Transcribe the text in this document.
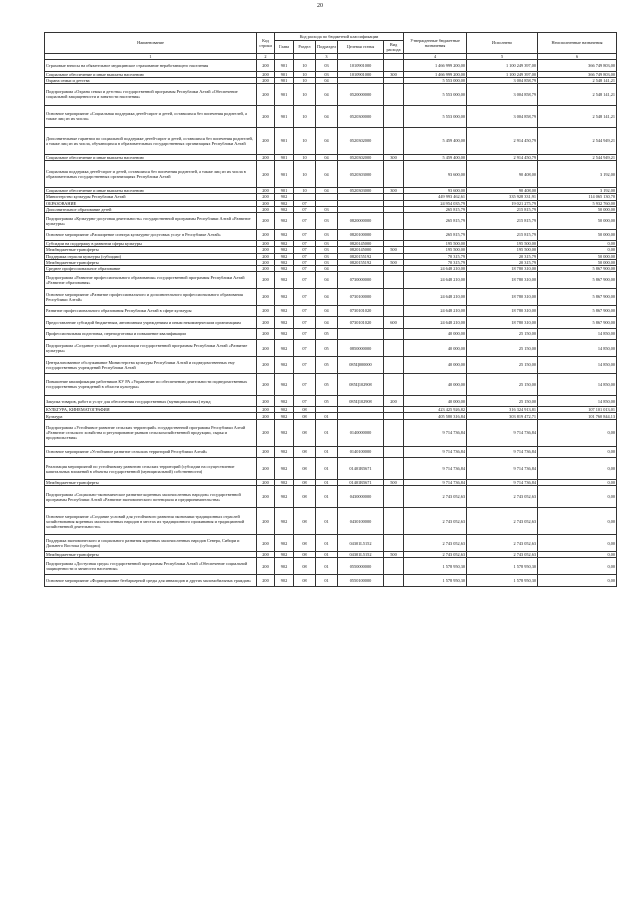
20
Наименование	Код строки	Код расхода по бюджетной классификации					Утвержденные бюджетные назначения	Исполнено	Неисполненные назначения
		Глава	Раздел	Подраздел	Целевая статья	Вид расхода			
1	2			3			4	5	6
Страховые взносы на обязательное медицинское страхование неработающего населения	200	901	10	03	1010901000		1 466 999 200,00	1 100 249 397,00	366 749 803,00
Социальное обеспечение и иные выплаты населению	200	901	10	03	1010901000	300	1 466 999 200,00	1 100 249 397,00	366 749 803,00
Охрана семьи и детства	200	901	10	04			5 553 000,00	3 004 858,79	2 548 141,21
Подпрограмма «Охрана семьи и детства» государственной программы Республики Алтай «Обеспечение социальной защищенности и занятости населения»	200	901	10	04	0520000000		5 553 000,00	3 004 858,79	2 548 141,21
Основное мероприятие «Социальная поддержка детей-сирот и детей, оставшихся без попечения родителей, а также лиц из их числа»	200	901	10	04	0520300000		5 553 000,00	3 004 858,79	2 548 141,21
Дополнительные гарантии по социальной поддержке детей-сирот и детей, оставшихся без попечения родителей, а также лиц из их числа, обучающихся в образовательных государственных организациях Республики Алтай	200	901	10	04	0520302000		5 459 400,00	2 914 450,79	2 544 949,21
Социальное обеспечение и иные выплаты населению	200	901	10	04	0520302000	300	5 459 400,00	2 914 450,79	2 544 949,21
Социальная поддержка детей-сирот и детей, оставшихся без попечения родителей, а также лиц из их числа в образовательных государственных организациях Республики Алтай	200	901	10	04	0520303000		93 600,00	90 408,00	3 192,00
Социальное обеспечение и иные выплаты населению	200	901	10	04	0520303000	300	93 600,00	90 408,00	3 192,00
Министерство культуры Республики Алтай	200	902					449 993 462,61	335 928 331,91	114 065 130,70
ОБРАЗОВАНИЕ	200	902	07				24 954 035,79	19 021 275,79	5 932 760,00
Дополнительное образование детей	200	902	07	03			265 815,79	215 815,79	50 000,00
Подпрограмма «Культурно-досуговая деятельность» государственной программы Республики Алтай «Развитие культуры»	200	902	07	03	0820000000		265 815,79	215 815,79	50 000,00
Основное мероприятие «Расширение спектра культурно-досуговых услуг в Республике Алтай»	200	902	07	03	0820100000		265 815,79	215 815,79	50 000,00
Субсидии на поддержку в развитии сферы культуры	200	902	07	03	0820145000		195 500,00	195 500,00	0,00
Межбюджетные трансферты	200	902	07	03	0820145000	500	195 500,00	195 500,00	0,00
Поддержка отрасли культуры (субсидии)	200	902	07	03	0820155192		70 315,79	20 315,79	50 000,00
Межбюджетные трансферты	200	902	07	03	0820155192	500	70 315,79	20 315,79	50 000,00
Среднее профессиональное образование	200	902	07	04			24 648 210,00	18 780 310,00	5 867 900,00
Подпрограмма «Развитие профессионального образования» государственной программы Республики Алтай «Развитие образования»	200	902	07	04	0730000000		24 648 210,00	18 780 310,00	5 867 900,00
Основное мероприятие «Развитие профессионального и дополнительного профессионального образования Республики Алтай»	200	902	07	04	0730100000		24 648 210,00	18 780 310,00	5 867 900,00
Развитие профессионального образования Республики Алтай в сфере культуры	200	902	07	04	0730101020		24 648 210,00	18 780 310,00	5 867 900,00
Предоставление субсидий бюджетным, автономным учреждениям и иным некоммерческим организациям	200	902	07	04	0730101020	600	24 648 210,00	18 780 310,00	5 867 900,00
Профессиональная подготовка, переподготовка и повышение квалификации	200	902	07	05			40 000,00	25 150,00	14 850,00
Подпрограмма «Создание условий для реализации государственной программы Республики Алтай «Развитие культуры»	200	902	07	05	0850000000		40 000,00	25 150,00	14 850,00
Централизованное обслуживание Министерства культуры Республики Алтай и подведомственных ему государственных учреждений Республики Алтай	200	902	07	05	085Ц000000		40 000,00	25 150,00	14 850,00
Повышение квалификации работников КУ РА «Управление по обеспечению деятельности подведомственных государственных учреждений в области культуры»	200	902	07	05	085Ц102908		40 000,00	25 150,00	14 850,00
Закупка товаров, работ и услуг для обеспечения государственных (муниципальных) нужд	200	902	07	05	085Ц102908	200	40 000,00	25 150,00	14 850,00
КУЛЬТУРА, КИНЕМАТОГРАФИЯ	200	902	08				423 425 926,82	316 324 913,81	107 101 013,01
Культура	200	902	08	01			405 580 316,84	303 819 472,71	101 760 844,13
Подпрограмма «Устойчивое развитие сельских территорий» государственной программы Республики Алтай «Развитие сельского хозяйства и регулирование рынков сельскохозяйственной продукции, сырья и продовольствия»	200	902	08	01	0140000000		9 714 736,84	9 714 736,84	0,00
Основное мероприятие «Устойчивое развитие сельских территорий Республики Алтай»	200	902	08	01	0140100000		9 714 736,84	9 714 736,84	0,00
Реализация мероприятий по устойчивому развитию сельских территорий (субсидии на осуществление капитальных вложений в объекты государственной (муниципальной) собственности)	200	902	08	01	01401R5671		9 714 736,84	9 714 736,84	0,00
Межбюджетные трансферты	200	902	08	01	01401R5671	500	9 714 736,84	9 714 736,84	0,00
Подпрограмма «Социально-экономическое развитие коренных малочисленных народов» государственной программы Республики Алтай «Развитие экономического потенциала и предпринимательства»	200	902	08	01	0430000000		2 743 052,63	2 743 052,63	0,00
Основное мероприятие «Создание условий для устойчивого развития экономики традиционных отраслей хозяйствования коренных малочисленных народов в местах их традиционного проживания и традиционной хозяйственной деятельности»	200	902	08	01	0430100000		2 743 052,63	2 743 052,63	0,00
Поддержка экономического и социального развития коренных малочисленных народов Севера, Сибири и Дальнего Востока (субсидии)	200	902	08	01	04301L5152		2 743 052,63	2 743 052,63	0,00
Межбюджетные трансферты	200	902	08	01	04301L5152	500	2 743 052,63	2 743 052,63	0,00
Подпрограмма «Доступная среда» государственной программы Республики Алтай «Обеспечение социальной защищенности и занятости населения»	200	902	08	01	0550000000		1 578 950,30	1 578 950,30	0,00
Основное мероприятие «Формирование безбарьерной среды для инвалидов и других маломобильных граждан»	200	902	08	01	0550100000		1 578 950,30	1 578 950,30	0,00
